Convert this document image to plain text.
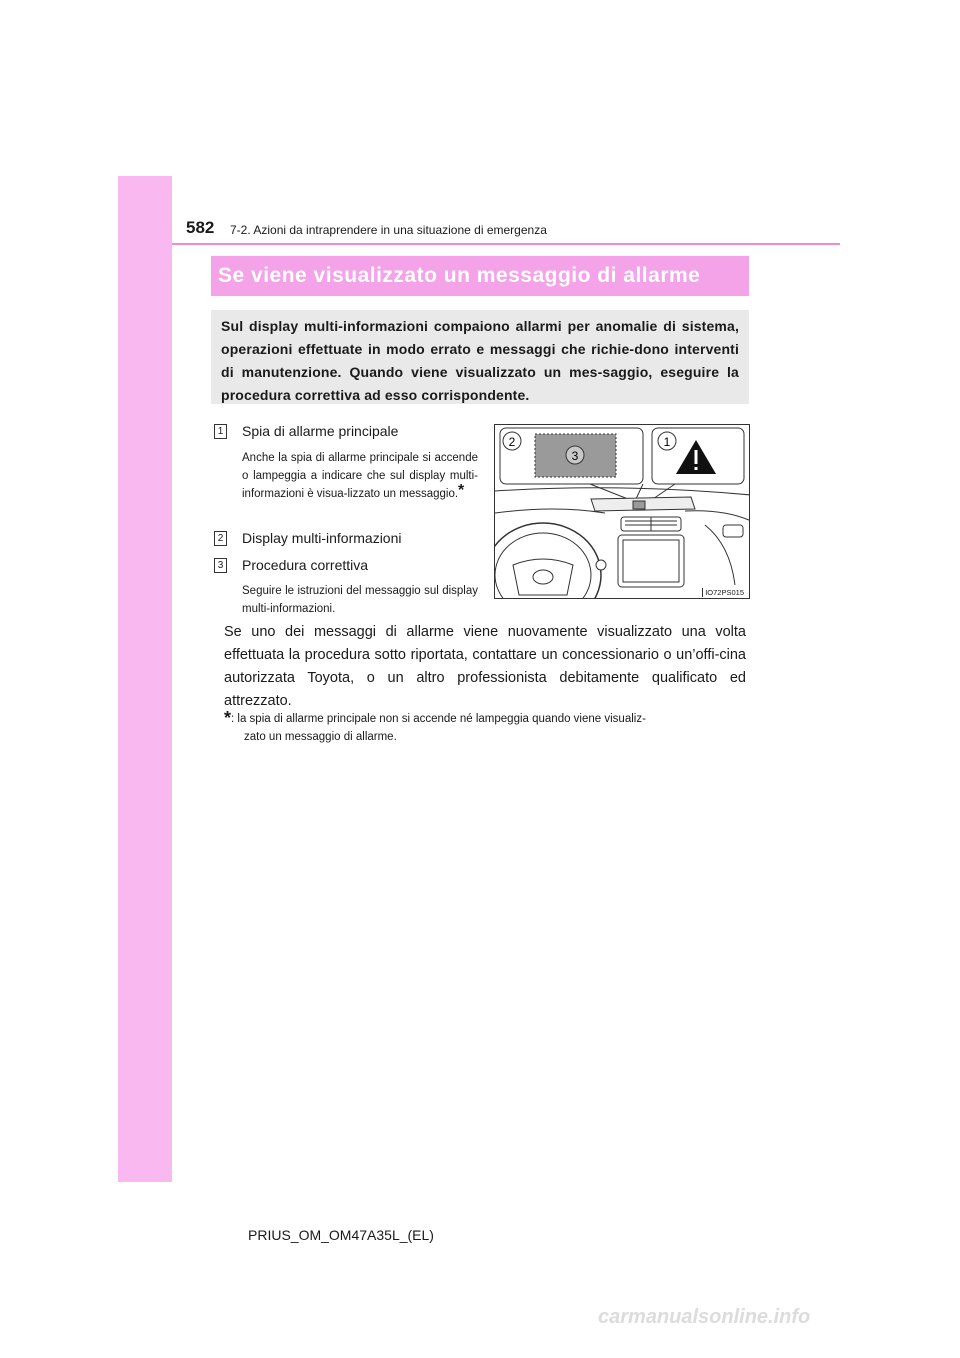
582 7-2. Azioni da intraprendere in una situazione di emergenza
Se viene visualizzato un messaggio di allarme
Sul display multi-informazioni compaiono allarmi per anomalie di sistema, operazioni effettuate in modo errato e messaggi che richie-dono interventi di manutenzione. Quando viene visualizzato un mes-saggio, eseguire la procedura correttiva ad esso corrispondente.
1 Spia di allarme principale
Anche la spia di allarme principale si accende o lampeggia a indicare che sul display multi-informazioni è visua-lizzato un messaggio.*
2 Display multi-informazioni
3 Procedura correttiva
Seguire le istruzioni del messaggio sul display multi-informazioni.
2
3
1
IO72PS015
Se uno dei messaggi di allarme viene nuovamente visualizzato una volta effettuata la procedura sotto riportata, contattare un concessionario o un’offi-cina autorizzata Toyota, o un altro professionista debitamente qualificato ed attrezzato.
*: la spia di allarme principale non si accende né lampeggia quando viene visualiz-
zato un messaggio di allarme.
PRIUS_OM_OM47A35L_(EL)
carmanualsonline.info
